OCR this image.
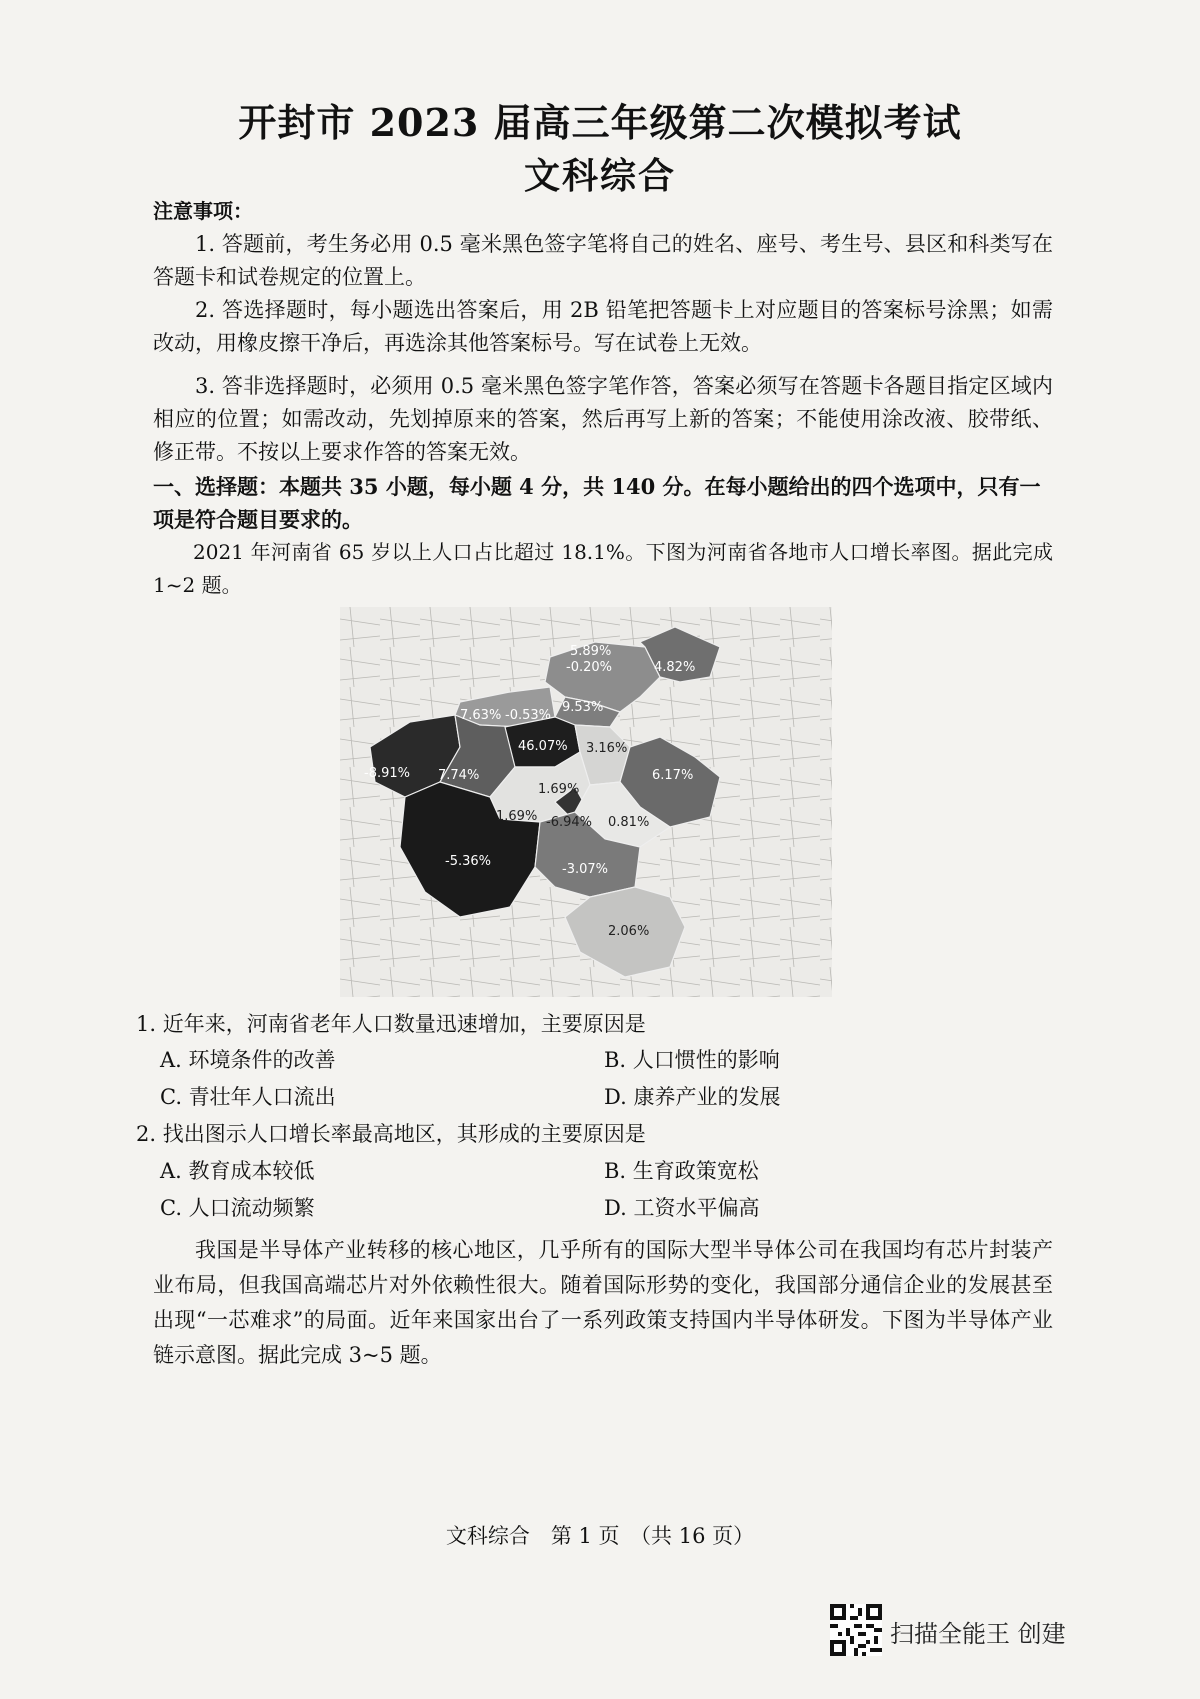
开封市 2023 届高三年级第二次模拟考试
文科综合
注意事项：
1. 答题前，考生务必用 0.5 毫米黑色签字笔将自己的姓名、座号、考生号、县区和科类写在答题卡和试卷规定的位置上。
2. 答选择题时，每小题选出答案后，用 2B 铅笔把答题卡上对应题目的答案标号涂黑；如需改动，用橡皮擦干净后，再选涂其他答案标号。写在试卷上无效。
3. 答非选择题时，必须用 0.5 毫米黑色签字笔作答，答案必须写在答题卡各题目指定区域内相应的位置；如需改动，先划掉原来的答案，然后再写上新的答案；不能使用涂改液、胶带纸、修正带。不按以上要求作答的答案无效。
一、选择题：本题共 35 小题，每小题 4 分，共 140 分。在每小题给出的四个选项中，只有一项是符合题目要求的。
2021 年河南省 65 岁以上人口占比超过 18.1%。下图为河南省各地市人口增长率图。据此完成 1~2 题。
5.89%
-0.20%	4.82%
9.53%
7.63% -0.53%
46.07% 3.16%
-8.91% 7.74%	6.17%
1.69%
1.69% -6.94% 0.81%
-5.36%
-3.07%
2.06%
1. 近年来，河南省老年人口数量迅速增加，主要原因是
A. 环境条件的改善	B. 人口惯性的影响
C. 青壮年人口流出	D. 康养产业的发展
2. 找出图示人口增长率最高地区，其形成的主要原因是
A. 教育成本较低	B. 生育政策宽松
C. 人口流动频繁	D. 工资水平偏高
我国是半导体产业转移的核心地区，几乎所有的国际大型半导体公司在我国均有芯片封装产业布局，但我国高端芯片对外依赖性很大。随着国际形势的变化，我国部分通信企业的发展甚至出现“一芯难求”的局面。近年来国家出台了一系列政策支持国内半导体研发。下图为半导体产业链示意图。据此完成 3~5 题。
文科综合　第 1 页　（共 16 页）
扫描全能王 创建
